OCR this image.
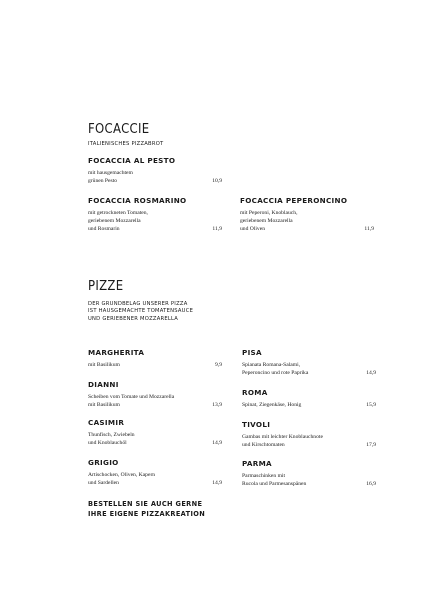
FOCACCIE

ITALIENISCHES PIZZABROT

FOCACCIA AL PESTO

mit hausgemachtem
grünen Pesto	10,9

FOCACCIA ROSMARINO

mit getrockneten Tomaten,
geriebenem Mozzarella
und Rosmarin	11,9

FOCACCIA PEPERONCINO

mit Peperoni, Knoblauch,
geriebenem Mozzarella
und Oliven	11,9
PIZZE

DER GRUNDBELAG UNSERER PIZZA
IST HAUSGEMACHTE TOMATENSAUCE
UND GERIEBENER MOZZARELLA

MARGHERITA

mit Basilikum	9,9

DIANNI

Scheiben vom Tomate und Mozzarella
mit Basilikum	13,9

CASIMIR

Thunfisch, Zwiebeln
und Knoblauchöl	14,9

GRIGIO

Artischocken, Oliven, Kapern
und Sardellen	14,9

PISA

Spianata Romana-Salami,
Peperoncino und rote Paprika	14,9

ROMA

Spinat, Ziegenkäse, Honig	15,9

TIVOLI

Gambas mit leichter Knoblauchnote
und Kirschtomaten	17,9

PARMA

Parmaschinken mit
Rucola und Parmesanspänen	16,9

BESTELLEN SIE AUCH GERNE
IHRE EIGENE PIZZAKREATION
